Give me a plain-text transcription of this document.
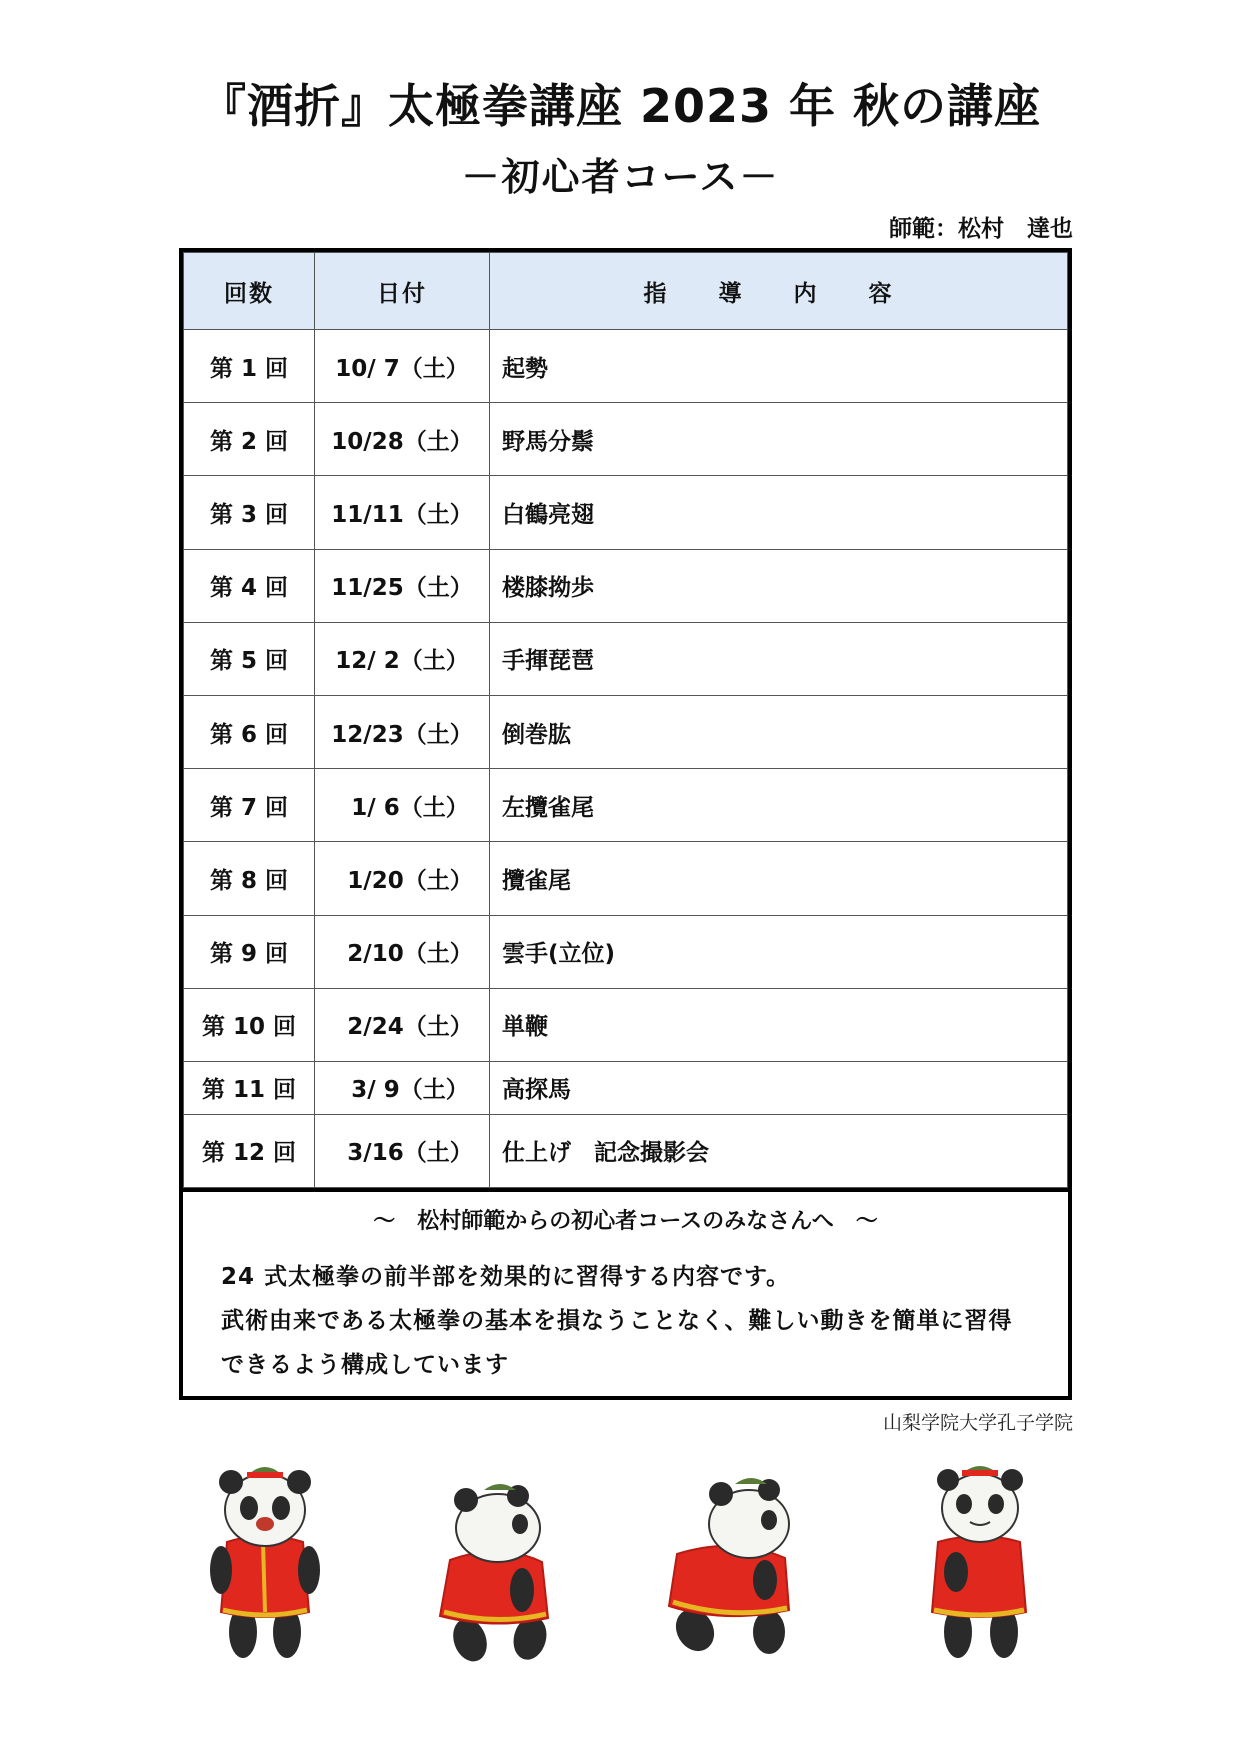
『酒折』太極拳講座 2023 年 秋の講座
－初心者コース－
師範：松村　達也
回数	日付	指 導 内 容
第 1 回	10/ 7（土）	起勢
第 2 回	10/28（土）	野馬分鬃
第 3 回	11/11（土）	白鶴亮翅
第 4 回	11/25（土）	楼膝拗歩
第 5 回	12/ 2（土）	手揮琵琶
第 6 回	12/23（土）	倒巻肱
第 7 回	1/ 6（土）	左攬雀尾
第 8 回	1/20（土）	攬雀尾
第 9 回	2/10（土）	雲手(立位)
第 10 回	2/24（土）	単鞭
第 11 回	3/ 9（土）	高探馬
第 12 回	3/16（土）	仕上げ　記念撮影会
～　松村師範からの初心者コースのみなさんへ　～
24 式太極拳の前半部を効果的に習得する内容です。
武術由来である太極拳の基本を損なうことなく、難しい動きを簡単に習得
できるよう構成しています
山梨学院大学孔子学院
